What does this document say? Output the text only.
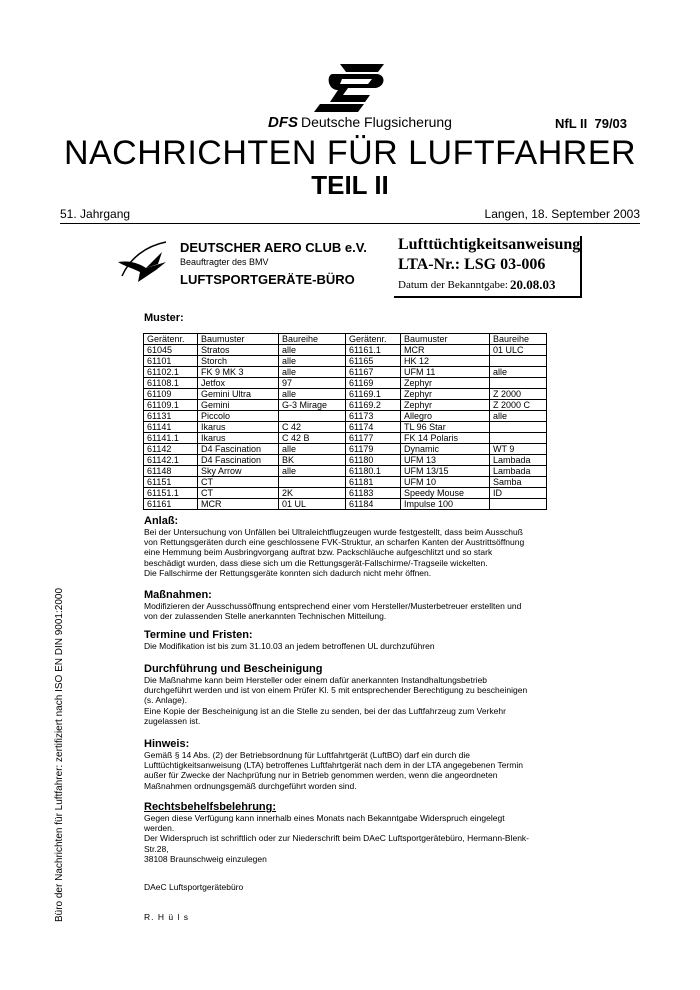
DFS Deutsche Flugsicherung	NfL II  79/03
NACHRICHTEN FÜR LUFTFAHRER
TEIL II
51. Jahrgang	Langen, 18. September 2003
DEUTSCHER AERO CLUB e.V.
Beauftragter des BMV
LUFTSPORTGERÄTE-BÜRO
Lufttüchtigkeitsanweisung
LTA-Nr.: LSG 03-006
Datum der Bekanntgabe: 20.08.03
Muster:
Gerätenr.	Baumuster	Baureihe	Gerätenr.	Baumuster	Baureihe
61045	Stratos	alle	61161.1	MCR	01 ULC
61101	Storch	alle	61165	HK 12	
61102.1	FK 9 MK 3	alle	61167	UFM 11	alle
61108.1	Jetfox	97	61169	Zephyr	
61109	Gemini Ultra	alle	61169.1	Zephyr	Z 2000
61109.1	Gemini	G-3 Mirage	61169.2	Zephyr	Z 2000 C
61131	Piccolo		61173	Allegro	alle
61141	Ikarus	C 42	61174	TL 96 Star	
61141.1	Ikarus	C 42 B	61177	FK 14 Polaris	
61142	D4 Fascination	alle	61179	Dynamic	WT 9
61142.1	D4 Fascination	BK	61180	UFM 13	Lambada
61148	Sky Arrow	alle	61180.1	UFM 13/15	Lambada
61151	CT		61181	UFM 10	Samba
61151.1	CT	2K	61183	Speedy Mouse	ID
61161	MCR	01 UL	61184	Impulse 100	
Anlaß:

Bei der Untersuchung von Unfällen bei Ultraleichtflugzeugen wurde festgestellt, dass beim Ausschuß
von Rettungsgeräten durch eine geschlossene FVK-Struktur, an scharfen Kanten der Austrittsöffnung
eine Hemmung beim Ausbringvorgang auftrat bzw. Packschläuche aufgeschlitzt und so stark
beschädigt wurden, dass diese sich um die Rettungsgerät-Fallschirme/-Tragseile wickelten.
Die Fallschirme der Rettungsgeräte konnten sich dadurch nicht mehr öffnen.

Maßnahmen:

Modifizieren der Ausschussöffnung entsprechend einer vom Hersteller/Musterbetreuer erstellten und
von der zulassenden Stelle anerkannten Technischen Mitteilung.

Termine und Fristen:

Die Modifikation ist bis zum 31.10.03 an jedem betroffenen UL durchzuführen

Durchführung und Bescheinigung

Die Maßnahme kann beim Hersteller oder einem dafür anerkannten Instandhaltungsbetrieb
durchgeführt werden und ist von einem Prüfer Kl. 5 mit entsprechender Berechtigung zu bescheinigen
(s. Anlage).
Eine Kopie der Bescheinigung ist an die Stelle zu senden, bei der das Luftfahrzeug zum Verkehr
zugelassen ist.

Hinweis:

Gemäß § 14 Abs. (2) der Betriebsordnung für Luftfahrtgerät (LuftBO) darf ein durch die
Lufttüchtigkeitsanweisung (LTA) betroffenes Luftfahrtgerät nach dem in der LTA angegebenen Termin
außer für Zwecke der Nachprüfung nur in Betrieb genommen werden, wenn die angeordneten
Maßnahmen ordnungsgemäß durchgeführt worden sind.

Rechtsbehelfsbelehrung:

Gegen diese Verfügung kann innerhalb eines Monats nach Bekanntgabe Widerspruch eingelegt
werden.
Der Widerspruch ist schriftlich oder zur Niederschrift beim DAeC Luftsportgerätebüro, Hermann-Blenk-
Str.28,
38108 Braunschweig einzulegen

DAeC Luftsportgerätebüro
R. H ü l s
Büro der Nachrichten für Luftfahrer: zertifiziert nach ISO EN DIN 9001:2000
